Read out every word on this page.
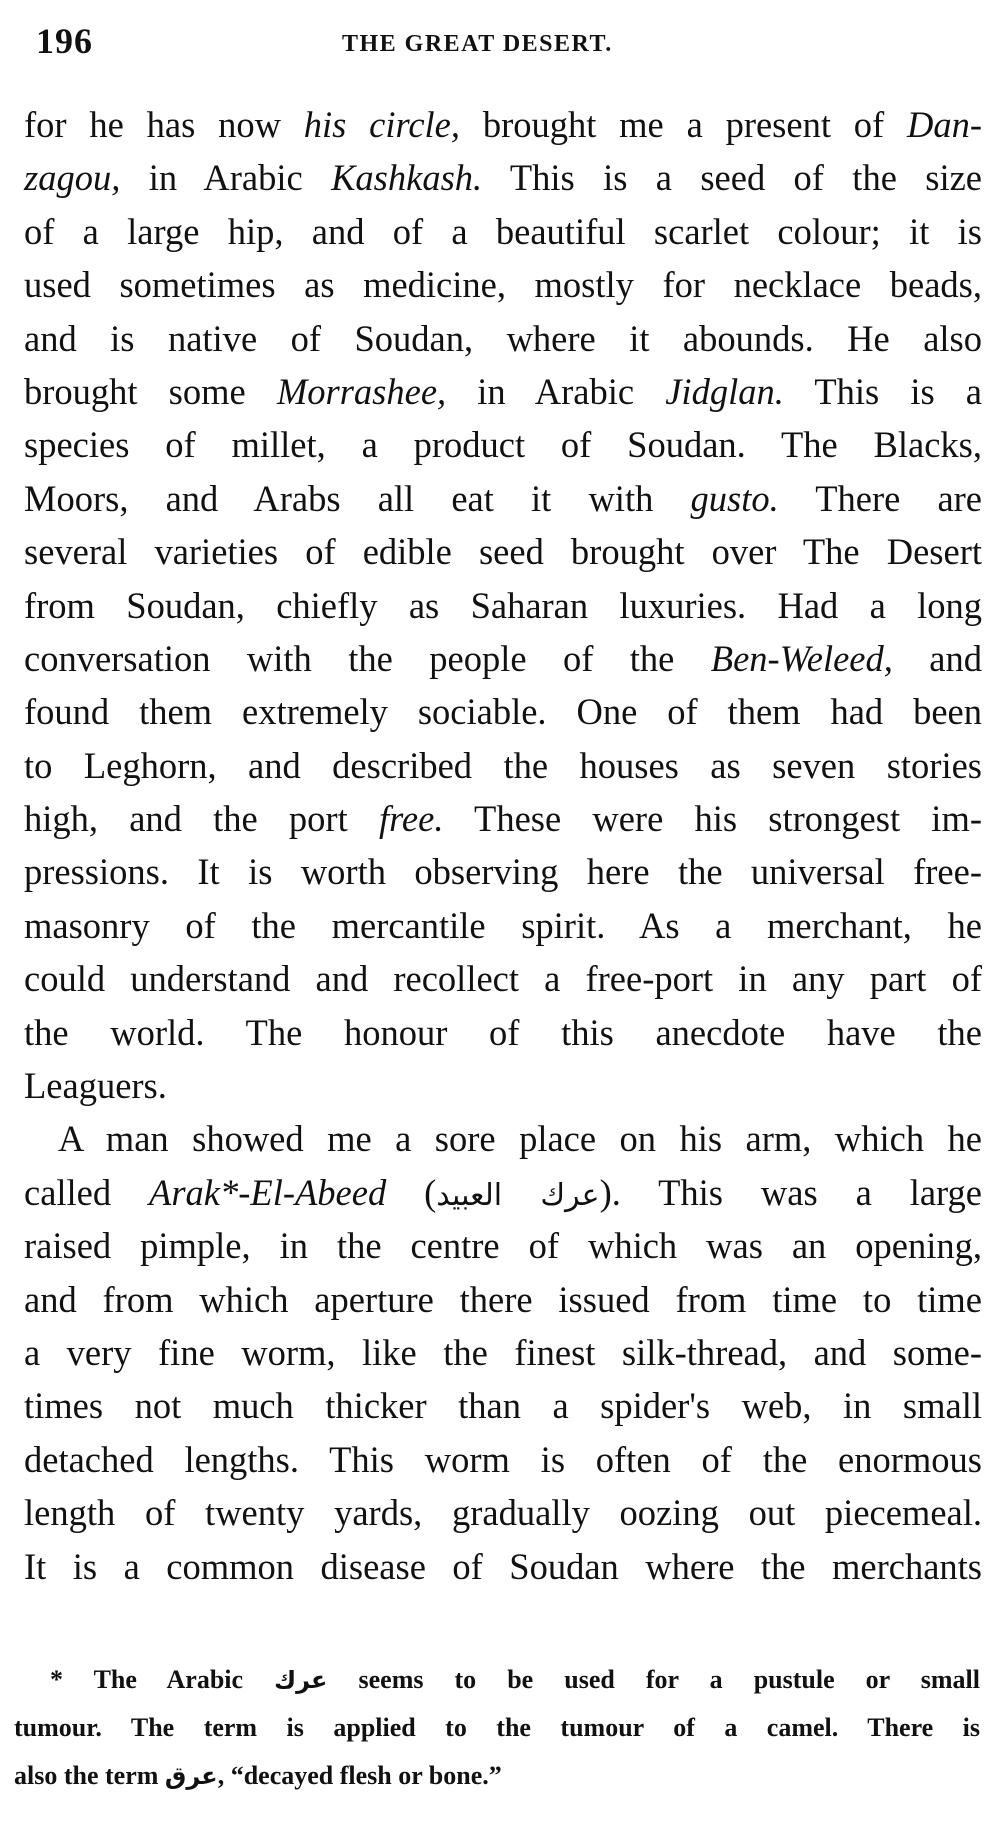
196	THE GREAT DESERT.
for he has now his circle, brought me a present of Dan-
zagou, in Arabic Kashkash. This is a seed of the size
of a large hip, and of a beautiful scarlet colour; it is
used sometimes as medicine, mostly for necklace beads,
and is native of Soudan, where it abounds. He also
brought some Morrashee, in Arabic Jidglan. This is a
species of millet, a product of Soudan. The Blacks,
Moors, and Arabs all eat it with gusto. There are
several varieties of edible seed brought over The Desert
from Soudan, chiefly as Saharan luxuries. Had a long
conversation with the people of the Ben-Weleed, and
found them extremely sociable. One of them had been
to Leghorn, and described the houses as seven stories
high, and the port free. These were his strongest im-
pressions. It is worth observing here the universal free-
masonry of the mercantile spirit. As a merchant, he
could understand and recollect a free-port in any part of
the world. The honour of this anecdote have the
Leaguers.
A man showed me a sore place on his arm, which he
called Arak*-El-Abeed (عرك العبيد). This was a large
raised pimple, in the centre of which was an opening,
and from which aperture there issued from time to time
a very fine worm, like the finest silk-thread, and some-
times not much thicker than a spider's web, in small
detached lengths. This worm is often of the enormous
length of twenty yards, gradually oozing out piecemeal.
It is a common disease of Soudan where the merchants
* The Arabic عرك seems to be used for a pustule or small
tumour. The term is applied to the tumour of a camel. There is
also the term عرق, “decayed flesh or bone.”
